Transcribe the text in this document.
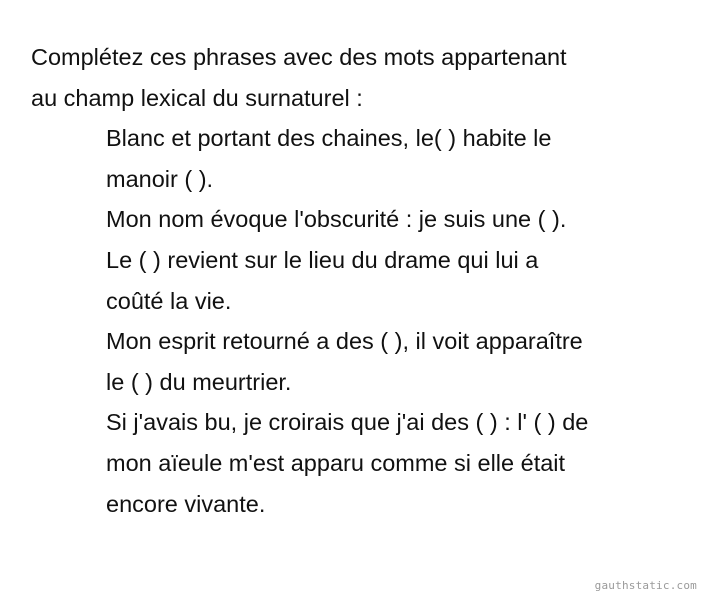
Complétez ces phrases avec des mots appartenant

au champ lexical du surnaturel :

Blanc et portant des chaines, le( ) habite le

manoir ( ).

Mon nom évoque l'obscurité : je suis une ( ).

Le ( ) revient sur le lieu du drame qui lui a

coûté la vie.

Mon esprit retourné a des ( ), il voit apparaître

le ( ) du meurtrier.

Si j'avais bu, je croirais que j'ai des ( ) : l' ( ) de

mon aïeule m'est apparu comme si elle était

encore vivante.

gauthstatic.com
